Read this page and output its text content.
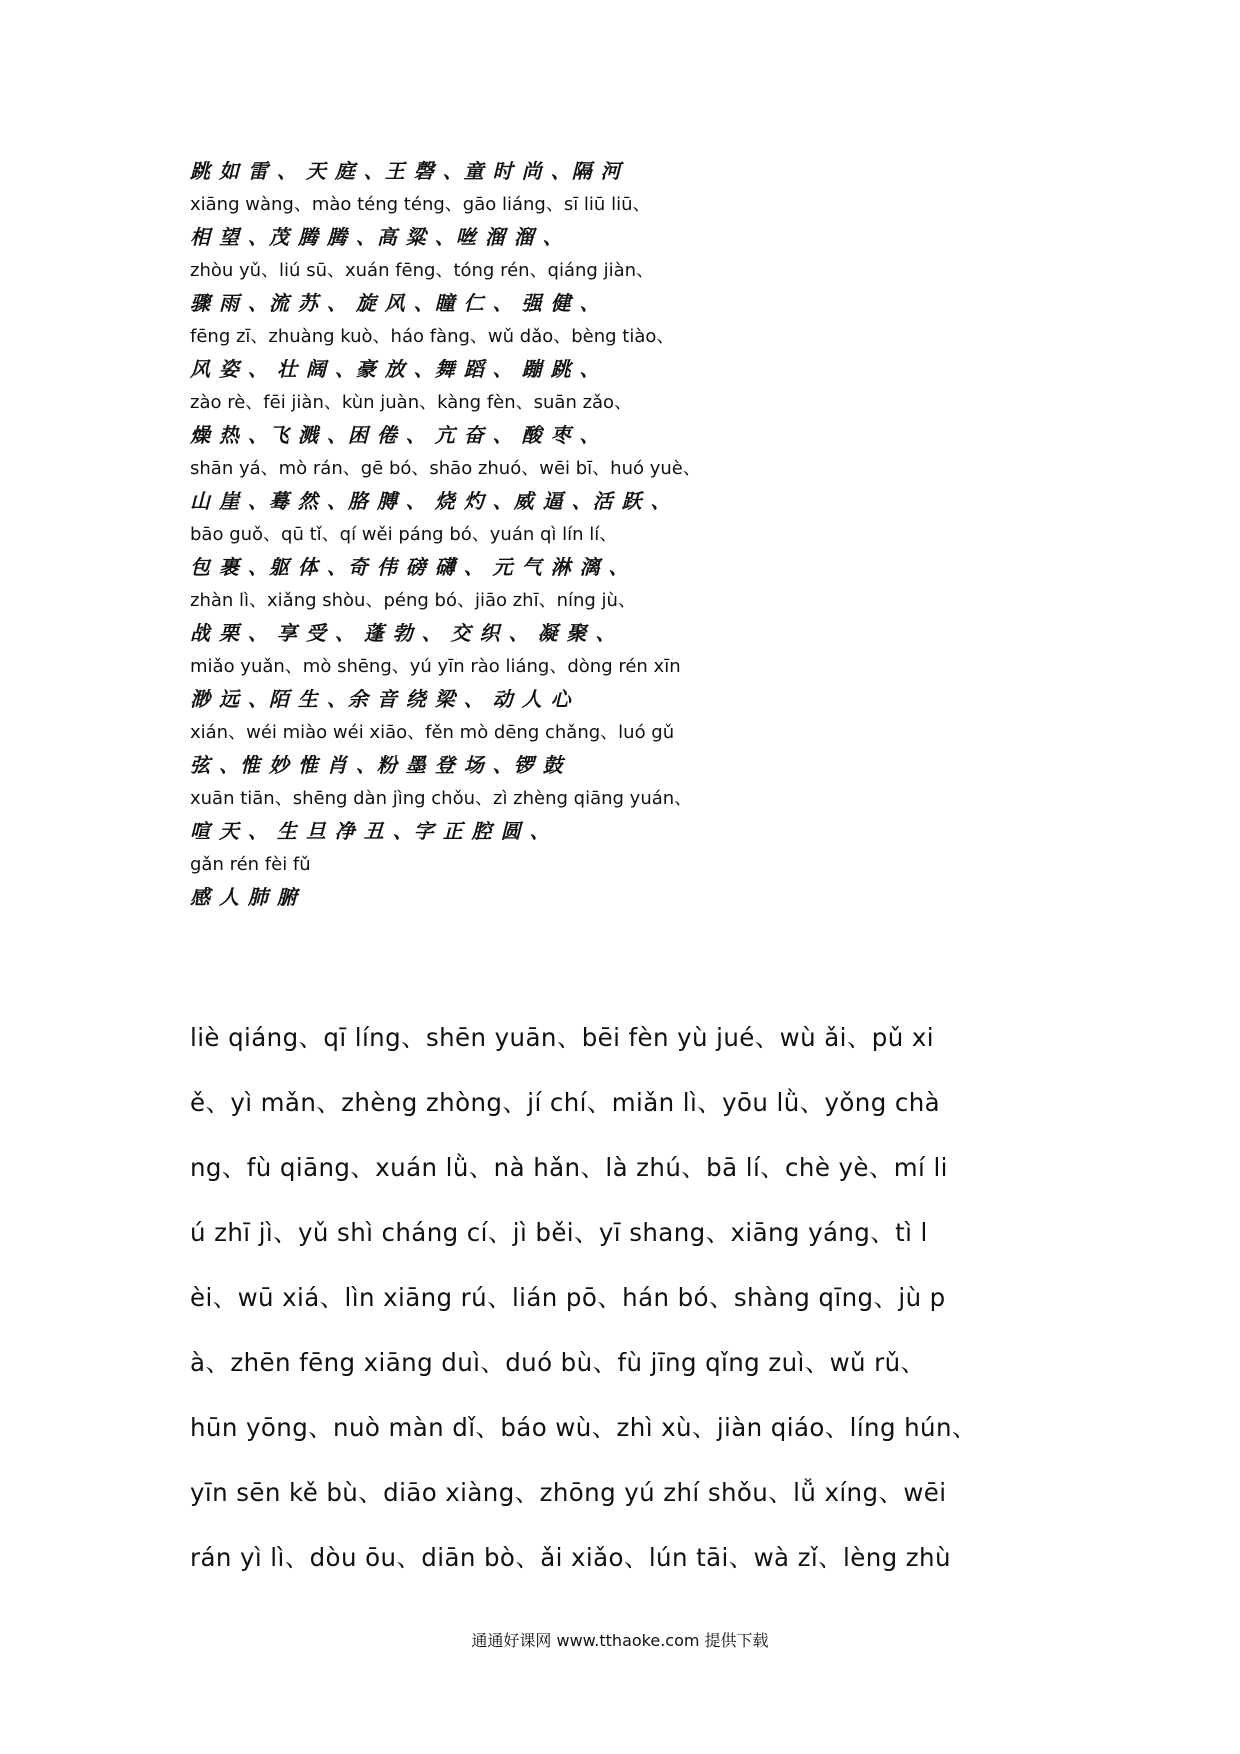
跳 如 雷 、 天 庭 、王 磬 、童 时 尚 、隔 河
xiāng wàng、mào téng téng、gāo liáng、sī liū liū、
相 望 、茂 腾 腾 、高 粱 、咝 溜 溜 、
zhòu yǔ、liú sū、xuán fēng、tóng rén、qiáng jiàn、
骤 雨 、流 苏 、 旋 风 、瞳 仁 、 强 健 、
fēng zī、zhuàng kuò、háo fàng、wǔ dǎo、bèng tiào、
风 姿 、 壮 阔 、豪 放 、舞 蹈 、 蹦 跳 、
zào rè、fēi jiàn、kùn juàn、kàng fèn、suān zǎo、
燥 热 、飞 溅 、困 倦 、 亢 奋 、 酸 枣 、
shān yá、mò rán、gē bó、shāo zhuó、wēi bī、huó yuè、
山 崖 、蓦 然 、胳 膊 、 烧 灼 、威 逼 、活 跃 、
bāo guǒ、qū tǐ、qí wěi páng bó、yuán qì lín lí、
包 裹 、躯 体 、奇 伟 磅 礴 、 元 气 淋 漓 、
zhàn lì、xiǎng shòu、péng bó、jiāo zhī、níng jù、
战 栗 、 享 受 、 蓬 勃 、 交 织 、 凝 聚 、
miǎo yuǎn、mò shēng、yú yīn rào liáng、dòng rén xīn
渺 远 、陌 生 、余 音 绕 梁 、 动 人 心
xián、wéi miào wéi xiāo、fěn mò dēng chǎng、luó gǔ
弦 、惟 妙 惟 肖 、粉 墨 登 场 、锣 鼓
xuān tiān、shēng dàn jìng chǒu、zì zhèng qiāng yuán、
喧 天 、 生 旦 净 丑 、字 正 腔 圆 、
gǎn rén fèi fǔ
感 人 肺 腑
liè qiáng、qī líng、shēn yuān、bēi fèn yù jué、wù ǎi、pǔ xi
ě、yì mǎn、zhèng zhòng、jí chí、miǎn lì、yōu lǜ、yǒng chà
ng、fù qiāng、xuán lǜ、nà hǎn、là zhú、bā lí、chè yè、mí li
ú zhī jì、yǔ shì cháng cí、jì běi、yī shang、xiāng yáng、tì l
èi、wū xiá、lìn xiāng rú、lián pō、hán bó、shàng qīng、jù p
à、zhēn fēng xiāng duì、duó bù、fù jīng qǐng zuì、wǔ rǔ、
hūn yōng、nuò màn dǐ、báo wù、zhì xù、jiàn qiáo、líng hún、
yīn sēn kě bù、diāo xiàng、zhōng yú zhí shǒu、lǚ xíng、wēi
rán yì lì、dòu ōu、diān bò、ǎi xiǎo、lún tāi、wà zǐ、lèng zhù
通通好课网 www.tthaoke.com 提供下载
